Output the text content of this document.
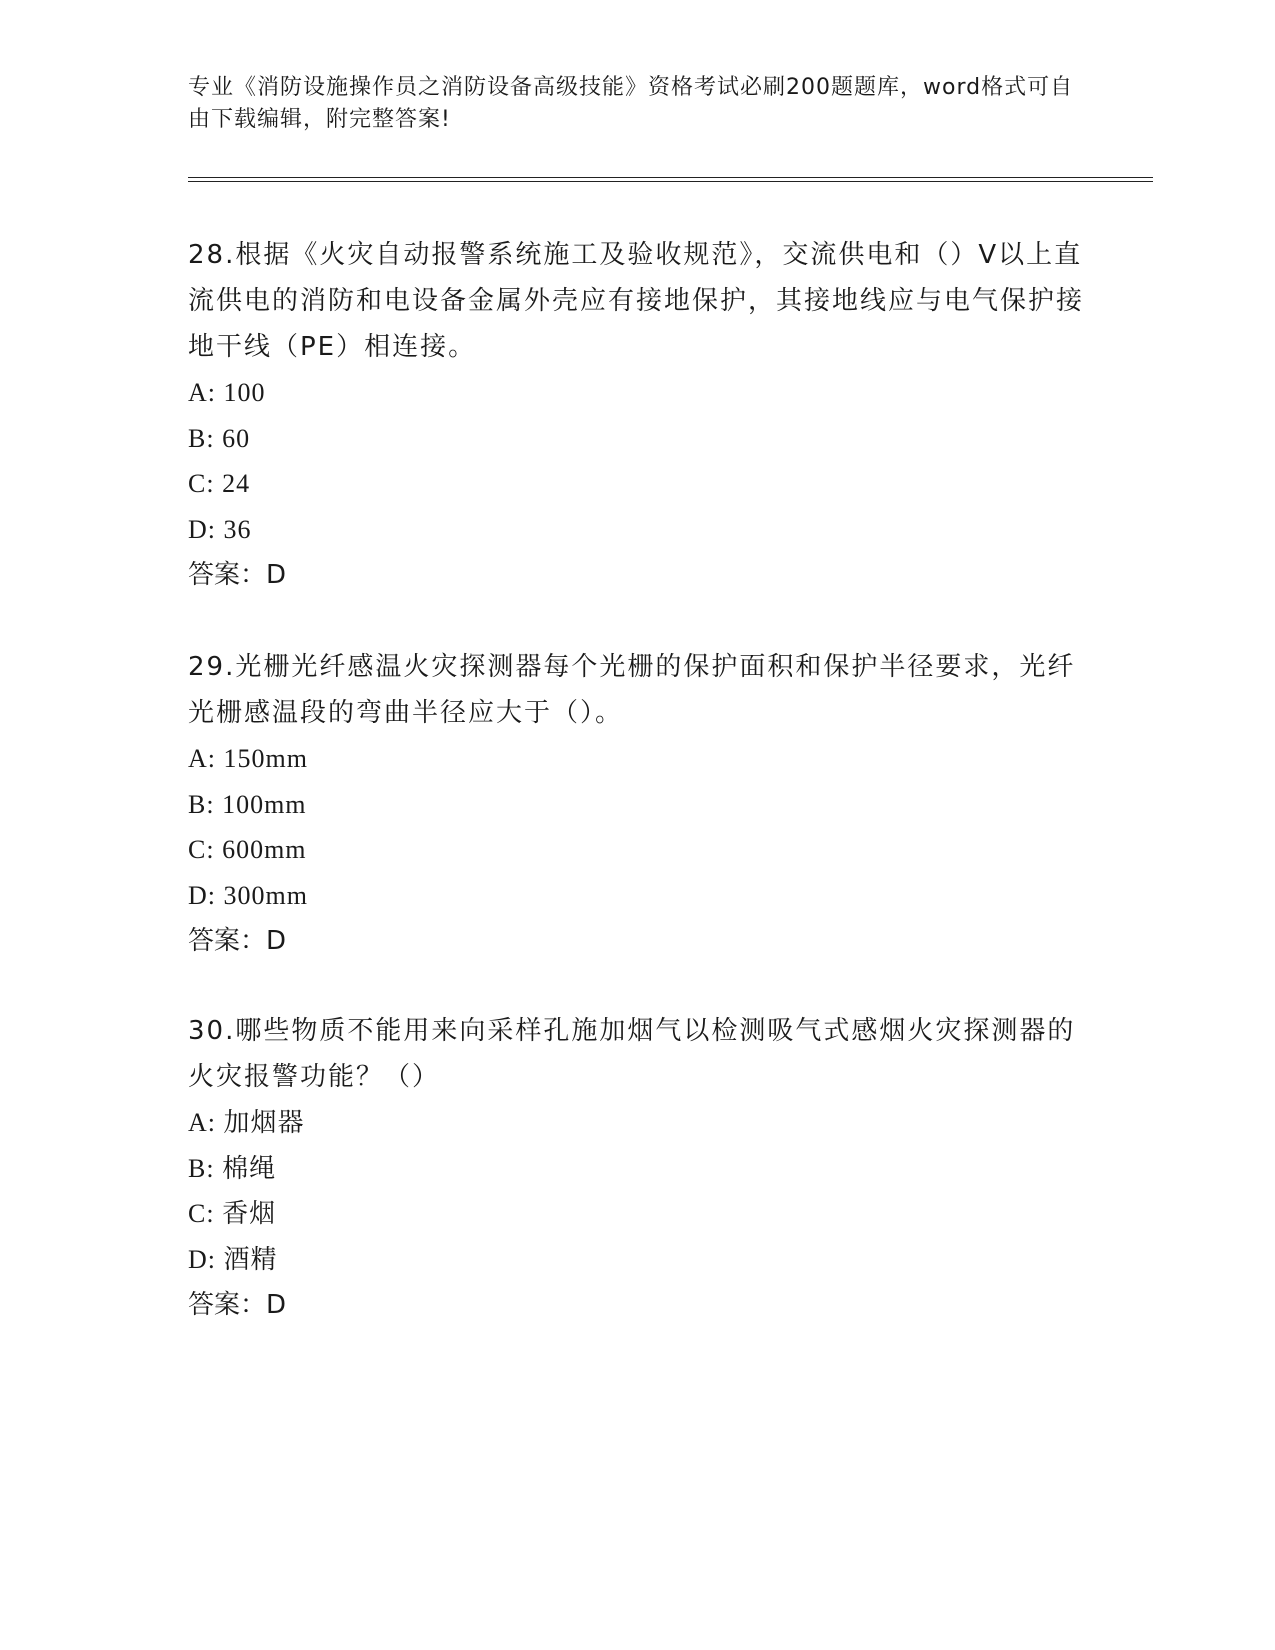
专业《消防设施操作员之消防设备高级技能》资格考试必刷200题题库，word格式可自由下载编辑，附完整答案!

28.根据《火灾自动报警系统施工及验收规范》，交流供电和（）V以上直流供电的消防和电设备金属外壳应有接地保护，其接地线应与电气保护接地干线（PE）相连接。

A: 100

B: 60

C: 24

D: 36

答案：D

29.光栅光纤感温火灾探测器每个光栅的保护面积和保护半径要求，光纤光栅感温段的弯曲半径应大于（）。

A: 150mm

B: 100mm

C: 600mm

D: 300mm

答案：D

30.哪些物质不能用来向采样孔施加烟气以检测吸气式感烟火灾探测器的火灾报警功能？（）

A: 加烟器

B: 棉绳

C: 香烟

D: 酒精

答案：D
